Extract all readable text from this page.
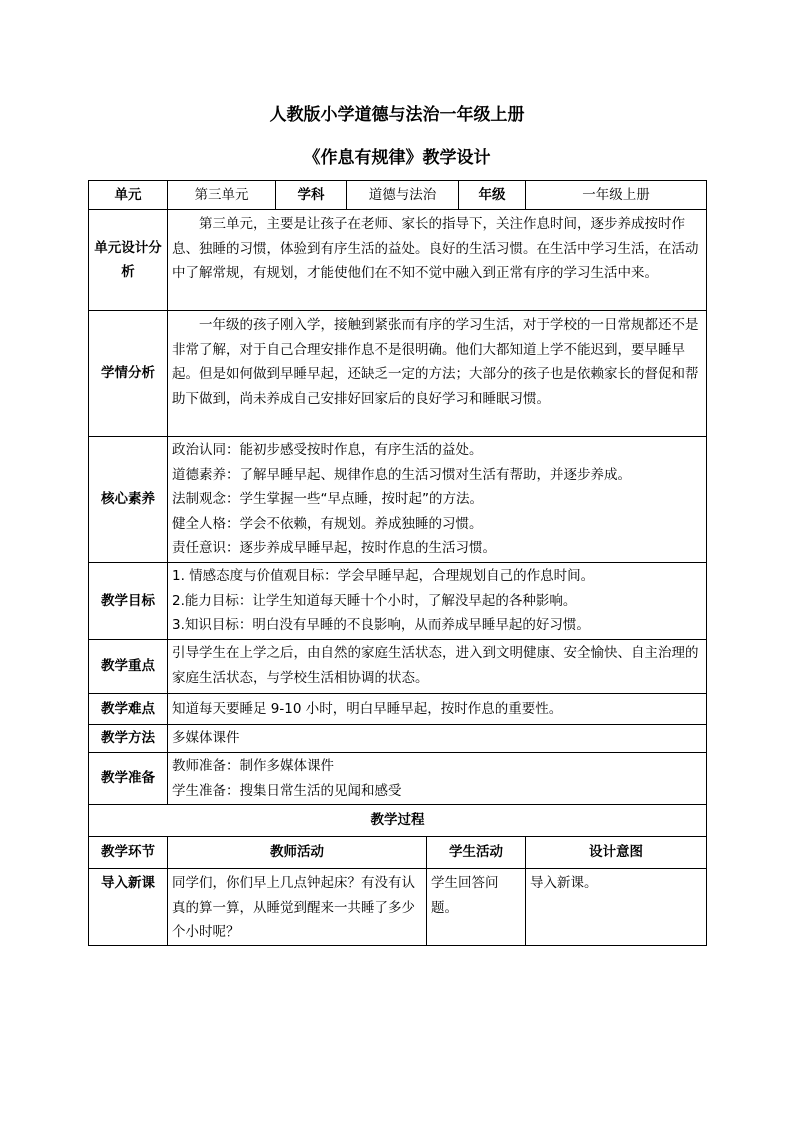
人教版小学道德与法治一年级上册
《作息有规律》教学设计
单元	第三单元	学科	道德与法治		年级	一年级上册
单元设计分析	第三单元，主要是让孩子在老师、家长的指导下，关注作息时间，逐步养成按时作息、独睡的习惯，体验到有序生活的益处。良好的生活习惯。在生活中学习生活，在活动中了解常规，有规划，才能使他们在不知不觉中融入到正常有序的学习生活中来。					

学情分析	一年级的孩子刚入学，接触到紧张而有序的学习生活，对于学校的一日常规都还不是非常了解，对于自己合理安排作息不是很明确。他们大都知道上学不能迟到，要早睡早起。但是如何做到早睡早起，还缺乏一定的方法；大部分的孩子也是依赖家长的督促和帮助下做到，尚未养成自己安排好回家后的良好学习和睡眠习惯。					

核心素养	政治认同：能初步感受按时作息，有序生活的益处。
道德素养：了解早睡早起、规律作息的生活习惯对生活有帮助，并逐步养成。
法制观念：学生掌握一些“早点睡，按时起”的方法。
健全人格：学会不依赖，有规划。养成独睡的习惯。
责任意识：逐步养成早睡早起，按时作息的生活习惯。					

教学目标	1. 情感态度与价值观目标：学会早睡早起，合理规划自己的作息时间。
2.能力目标：让学生知道每天睡十个小时，了解没早起的各种影响。
3.知识目标：明白没有早睡的不良影响，从而养成早睡早起的好习惯。					

教学重点	引导学生在上学之后，由自然的家庭生活状态，进入到文明健康、安全愉快、自主治理的家庭生活状态，与学校生活相协调的状态。					
教学难点	知道每天要睡足 9-10 小时，明白早睡早起，按时作息的重要性。					
教学方法	多媒体课件					
教学准备	教师准备：制作多媒体课件
学生准备：搜集日常生活的见闻和感受					

教学过程						
教学环节	教师活动			学生活动		设计意图
导入新课	同学们，你们早上几点钟起床？有没有认真的算一算，从睡觉到醒来一共睡了多少个小时呢？			学生回答问题。		导入新课。
